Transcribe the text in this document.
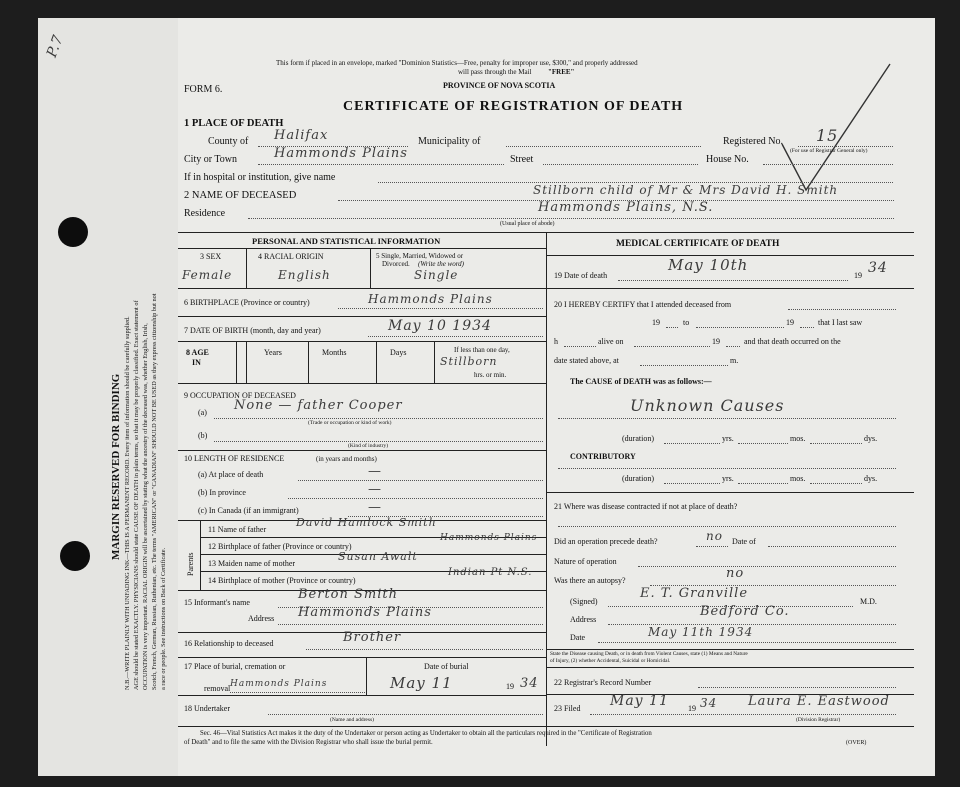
P.7
MARGIN RESERVED FOR BINDING N.B.—WRITE PLAINLY WITH UNFADING INK—THIS IS A PERMANENT RECORD. Every item of information should be carefully supplied. AGE should be stated EXACTLY. PHYSICIANS should state CAUSE OF DEATH in plain terms, so that it may be properly classified. Exact statement of OCCUPATION is very important. RACIAL ORIGIN will be ascertained by stating what the ancestry of the deceased was, whether English, Irish, Scotch, French, German, Russian, Ruthenian, etc. The terms "AMERICAN" or "CANADIAN" SHOULD NOT BE USED as they express citizenship but not a race or people. See instructions on Back of Certificate.
This form if placed in an envelope, marked "Dominion Statistics—Free, penalty for improper use, $300," and properly addressed
will pass through the Mail "FREE"
PROVINCE OF NOVA SCOTIA
FORM 6.
CERTIFICATE OF REGISTRATION OF DEATH
1 PLACE OF DEATH
County of Halifax	Municipality of	Registered No. 15
(For use of Registrar General only)
City or Town	Hammonds Plains	Street	House No.
If in hospital or institution, give name
2 NAME OF DECEASED	Stillborn child of Mr & Mrs David H. Smith
Residence	Hammonds Plains, N.S.
(Usual place of abode)
PERSONAL AND STATISTICAL INFORMATION
3 SEX	4 RACIAL ORIGIN	5 Single, Married, Widowed or
Divorced. (Write the word)
Female	English	Single
6 BIRTHPLACE (Province or country)	Hammonds Plains
7 DATE OF BIRTH (month, day and year)	May 10 1934
8 AGE
IN
Years	Months	Days	If less than one day,
Stillborn
hrs. or min.
9 OCCUPATION OF DECEASED
(a) None — father Cooper
(Trade or occupation or kind of work)
(b)
(Kind of industry)
10 LENGTH OF RESIDENCE	(in years and months)
(a) At place of death	—
(b) In province	—
(c) In Canada (if an immigrant)	—
Parents
11 Name of father
David Hamlock Smith
12 Birthplace of father (Province or country)
Hammonds Plains
13 Maiden name of mother
Susan Awalt
14 Birthplace of mother (Province or country)
Indian Pt N.S.
15 Informant's name
Berton Smith
Address Hammonds Plains
16 Relationship to deceased	Brother
17 Place of burial, cremation or
removal Hammonds Plains
Date of burial
May 11	19 34
18 Undertaker
(Name and address)
MEDICAL CERTIFICATE OF DEATH
19 Date of death
May 10th
19 34
20 I HEREBY CERTIFY that I attended deceased from
19	to	19	that I last saw
h	alive on	19	and that death occurred on the
date stated above, at	m.
The CAUSE of DEATH was as follows:—
Unknown Causes
(duration)	yrs.	mos.	dys.
CONTRIBUTORY
(duration)	yrs.	mos.	dys.
21 Where was disease contracted if not at place of death?
Did an operation precede death?	no Date of
Nature of operation
Was there an autopsy?	no
(Signed)
E. T. Granville
M.D.
Address
Bedford Co.
Date	May 11th 1934
State the Disease causing Death, or in death from Violent Causes, state (1) Means and Nature
of Injury, (2) whether Accidental, Suicidal or Homicidal.
22 Registrar's Record Number
23 Filed May 11 19 34 Laura E. Eastwood
(Division Registrar)
Sec. 46—Vital Statistics Act makes it the duty of the Undertaker or person acting as Undertaker to obtain all the particulars required in the "Certificate of Registration
of Death" and to file the same with the Division Registrar who shall issue the burial permit.	(OVER)
